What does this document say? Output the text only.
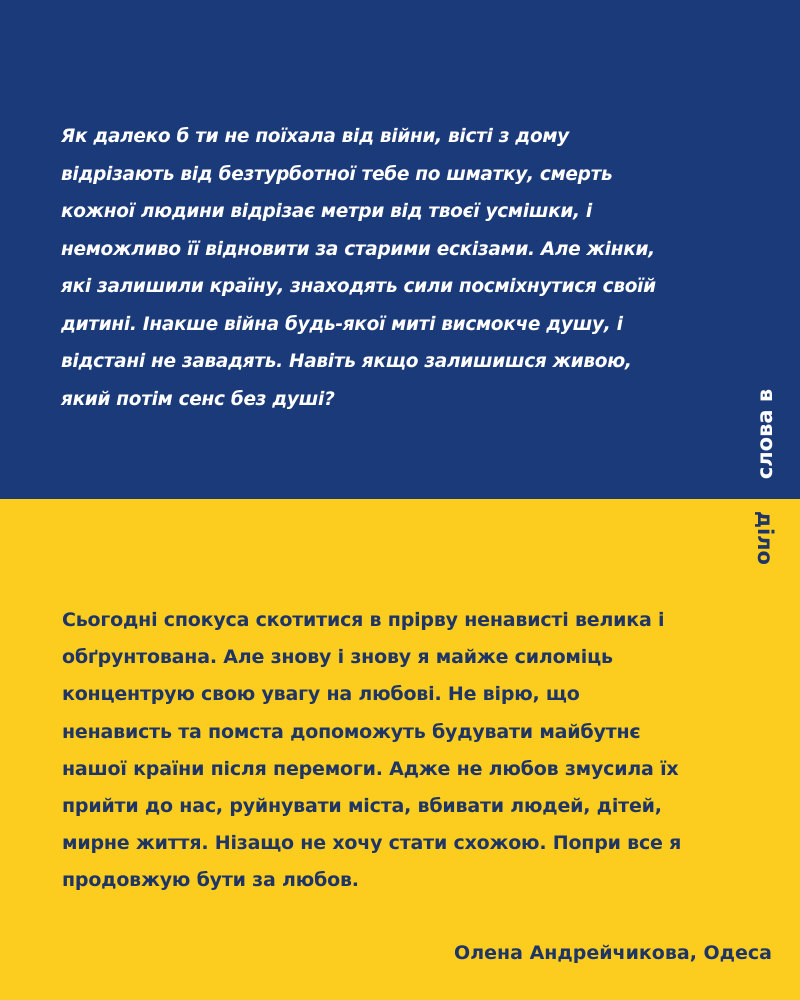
Як далеко б ти не поїхала від війни, вісті з дому
відрізають від безтурботної тебе по шматку, смерть
кожної людини відрізає метри від твоєї усмішки, і
неможливо її відновити за старими ескізами. Але жінки,
які залишили країну, знаходять сили посміхнутися своїй
дитині. Інакше війна будь-якої миті висмокче душу, і
відстані не завадять. Навіть якщо залишишся живою,
який потім сенс без душі?	слова в
діло
Сьогодні спокуса скотитися в прірву ненависті велика і
обґрунтована. Але знову і знову я майже силоміць
концентрую свою увагу на любові. Не вірю, що
ненависть та помста допоможуть будувати майбутнє
нашої країни після перемоги. Адже не любов змусила їх
прийти до нас, руйнувати міста, вбивати людей, дітей,
мирне життя. Нізащо не хочу стати схожою. Попри все я
продовжую бути за любов.
Олена Андрейчикова, Одеса
